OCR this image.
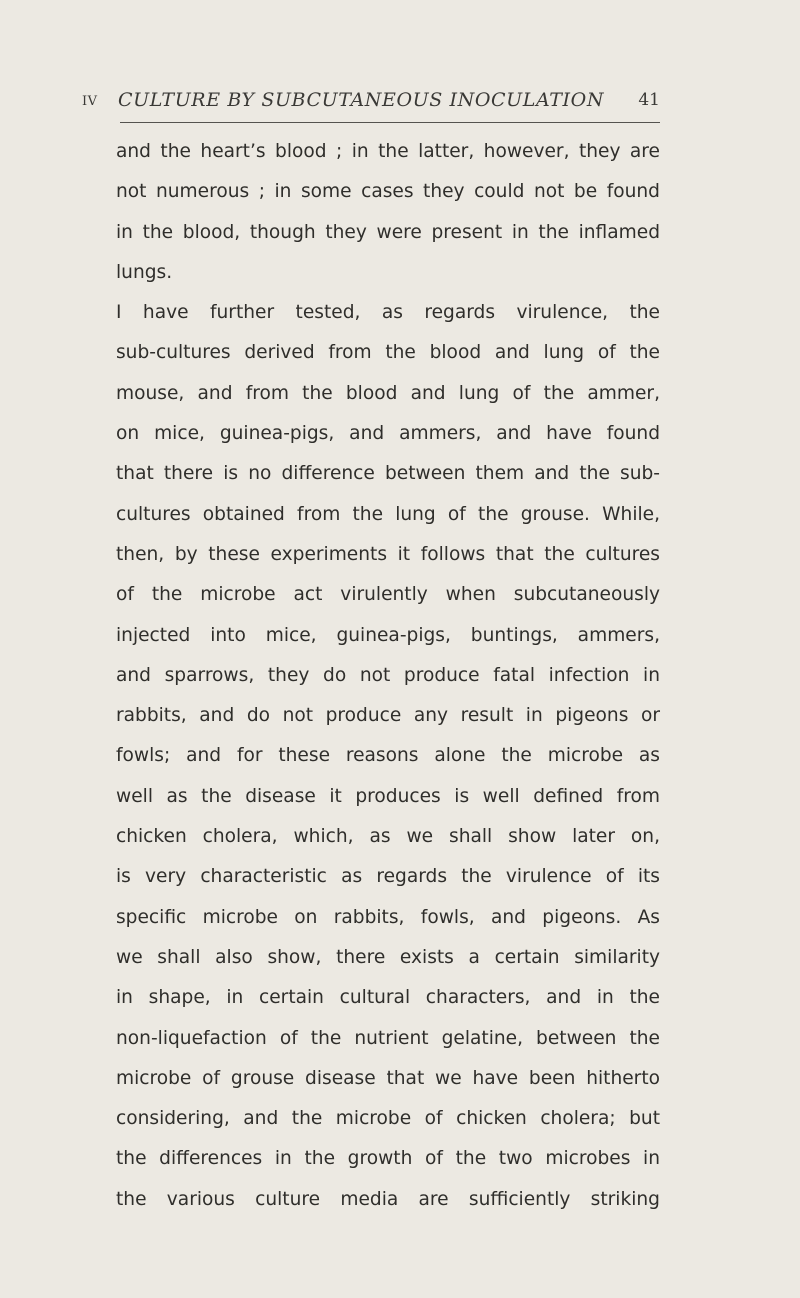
IV CULTURE BY SUBCUTANEOUS INOCULATION 41
and the heart’s blood ; in the latter, however, they are
not numerous ; in some cases they could not be found
in the blood, though they were present in the inflamed
lungs.
I have further tested, as regards virulence, the
sub-cultures derived from the blood and lung of the
mouse, and from the blood and lung of the ammer,
on mice, guinea-pigs, and ammers, and have found
that there is no difference between them and the sub-
cultures obtained from the lung of the grouse. While,
then, by these experiments it follows that the cultures
of the microbe act virulently when subcutaneously
injected into mice, guinea-pigs, buntings, ammers,
and sparrows, they do not produce fatal infection in
rabbits, and do not produce any result in pigeons or
fowls; and for these reasons alone the microbe as
well as the disease it produces is well defined from
chicken cholera, which, as we shall show later on,
is very characteristic as regards the virulence of its
specific microbe on rabbits, fowls, and pigeons. As
we shall also show, there exists a certain similarity
in shape, in certain cultural characters, and in the
non-liquefaction of the nutrient gelatine, between the
microbe of grouse disease that we have been hitherto
considering, and the microbe of chicken cholera; but
the differences in the growth of the two microbes in
the various culture media are sufficiently striking
